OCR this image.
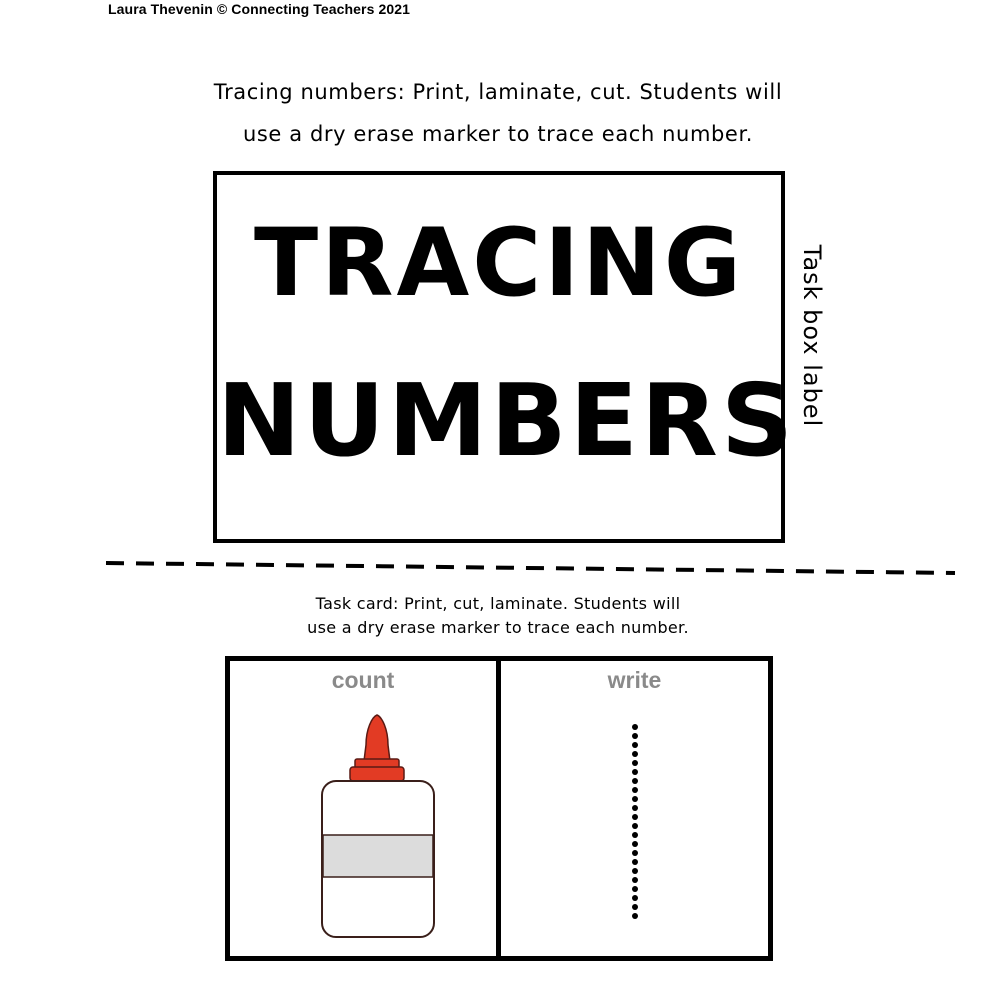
Laura Thevenin © Connecting Teachers 2021
Tracing numbers: Print, laminate, cut. Students will
use a dry erase marker to trace each number.
TRACING
NUMBERS Task box label
Task card: Print, cut, laminate. Students will
use a dry erase marker to trace each number.
count	write
